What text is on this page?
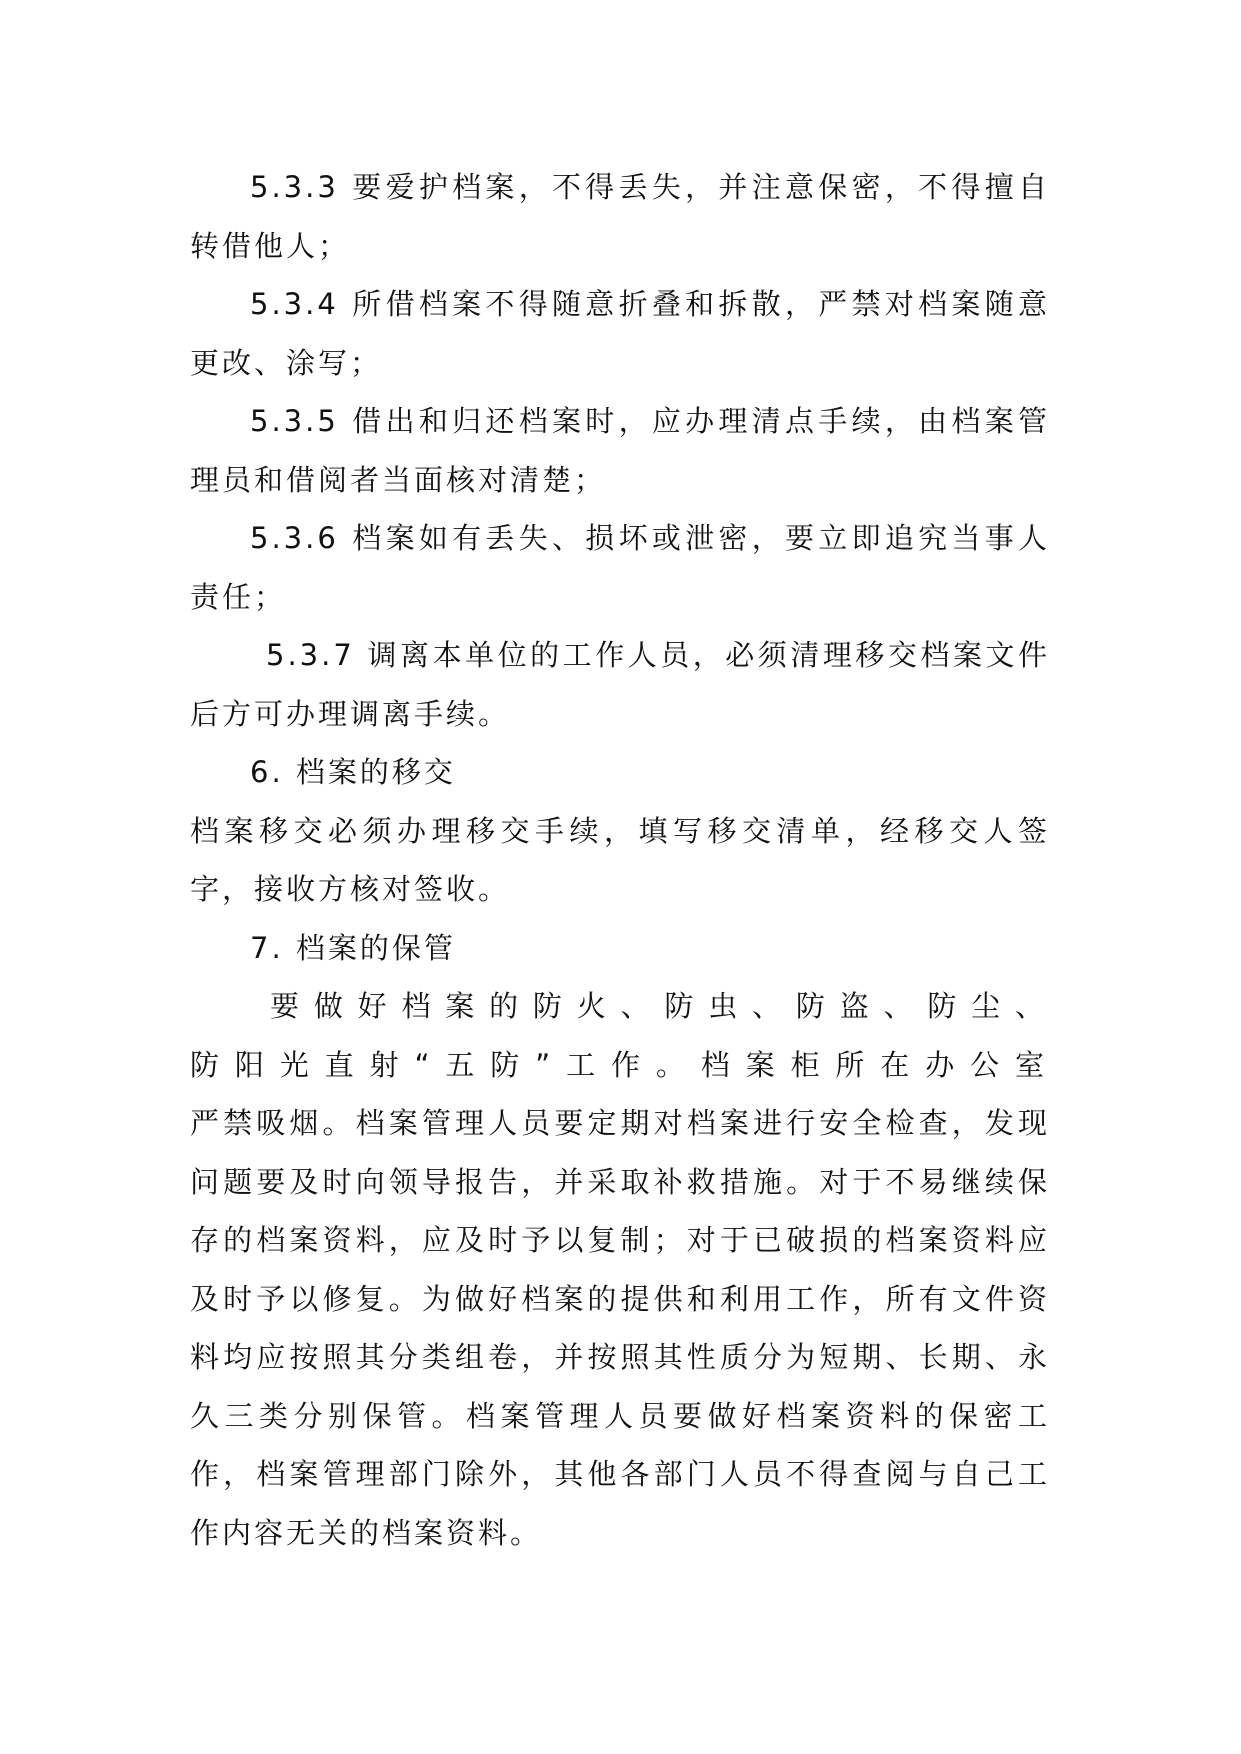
5.3.3 要爱护档案，不得丢失，并注意保密，不得擅自转借他人；

5.3.4 所借档案不得随意折叠和拆散，严禁对档案随意更改、涂写；

5.3.5 借出和归还档案时，应办理清点手续，由档案管理员和借阅者当面核对清楚；

5.3.6 档案如有丢失、损坏或泄密，要立即追究当事人责任；

5.3.7 调离本单位的工作人员，必须清理移交档案文件后方可办理调离手续。

6. 档案的移交

档案移交必须办理移交手续，填写移交清单，经移交人签字，接收方核对签收。

7. 档案的保管

要做好档案的防火、防虫、防盗、防尘、

防阳光直射“五防”工作。档案柜所在办公室

严禁吸烟。档案管理人员要定期对档案进行安全检查，发现问题要及时向领导报告，并采取补救措施。对于不易继续保存的档案资料，应及时予以复制；对于已破损的档案资料应及时予以修复。为做好档案的提供和利用工作，所有文件资料均应按照其分类组卷，并按照其性质分为短期、长期、永久三类分别保管。档案管理人员要做好档案资料的保密工作，档案管理部门除外，其他各部门人员不得查阅与自己工作内容无关的档案资料。
